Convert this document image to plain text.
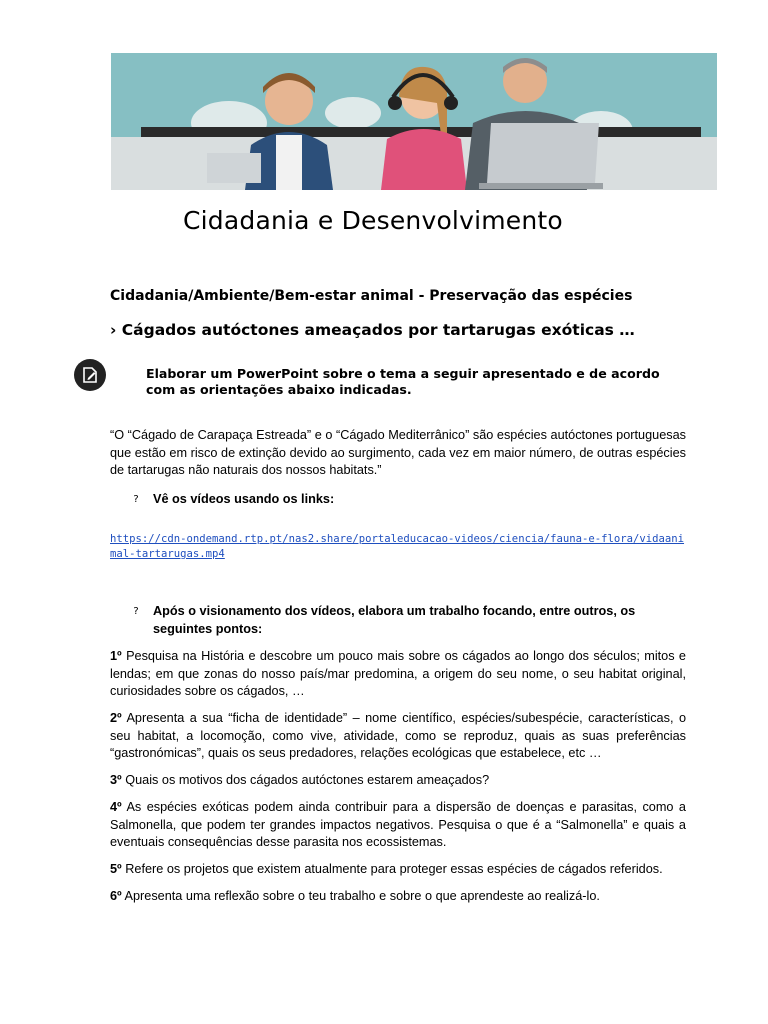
Cidadania e Desenvolvimento

Cidadania/Ambiente/Bem-estar animal - Preservação das espécies

› Cágados autóctones ameaçados por tartarugas exóticas …

Elaborar um PowerPoint sobre o tema a seguir apresentado e de acordo com as orientações abaixo indicadas.

“O “Cágado de Carapaça Estreada” e o “Cágado Mediterrânico” são espécies autóctones portuguesas que estão em risco de extinção devido ao surgimento, cada vez em maior número, de outras espécies de tartarugas não naturais dos nossos habitats.”

? Vê os vídeos usando os links:

https://cdn-ondemand.rtp.pt/nas2.share/portaleducacao-videos/ciencia/fauna-e-flora/vidaanimal-tartarugas.mp4
? Após o visionamento dos vídeos, elabora um trabalho focando, entre outros, os seguintes pontos:

1º Pesquisa na História e descobre um pouco mais sobre os cágados ao longo dos séculos; mitos e lendas; em que zonas do nosso país/mar predomina, a origem do seu nome, o seu habitat original, curiosidades sobre os cágados, …

2º Apresenta a sua “ficha de identidade” – nome científico, espécies/subespécie, características, o seu habitat, a locomoção, como vive, atividade, como se reproduz, quais as suas preferências “gastronómicas”, quais os seus predadores, relações ecológicas que estabelece, etc …

3º Quais os motivos dos cágados autóctones estarem ameaçados?

4º As espécies exóticas podem ainda contribuir para a dispersão de doenças e parasitas, como a Salmonella, que podem ter grandes impactos negativos. Pesquisa o que é a “Salmonella” e quais a eventuais consequências desse parasita nos ecossistemas.

5º Refere os projetos que existem atualmente para proteger essas espécies de cágados referidos.

6º Apresenta uma reflexão sobre o teu trabalho e sobre o que aprendeste ao realizá-lo.
